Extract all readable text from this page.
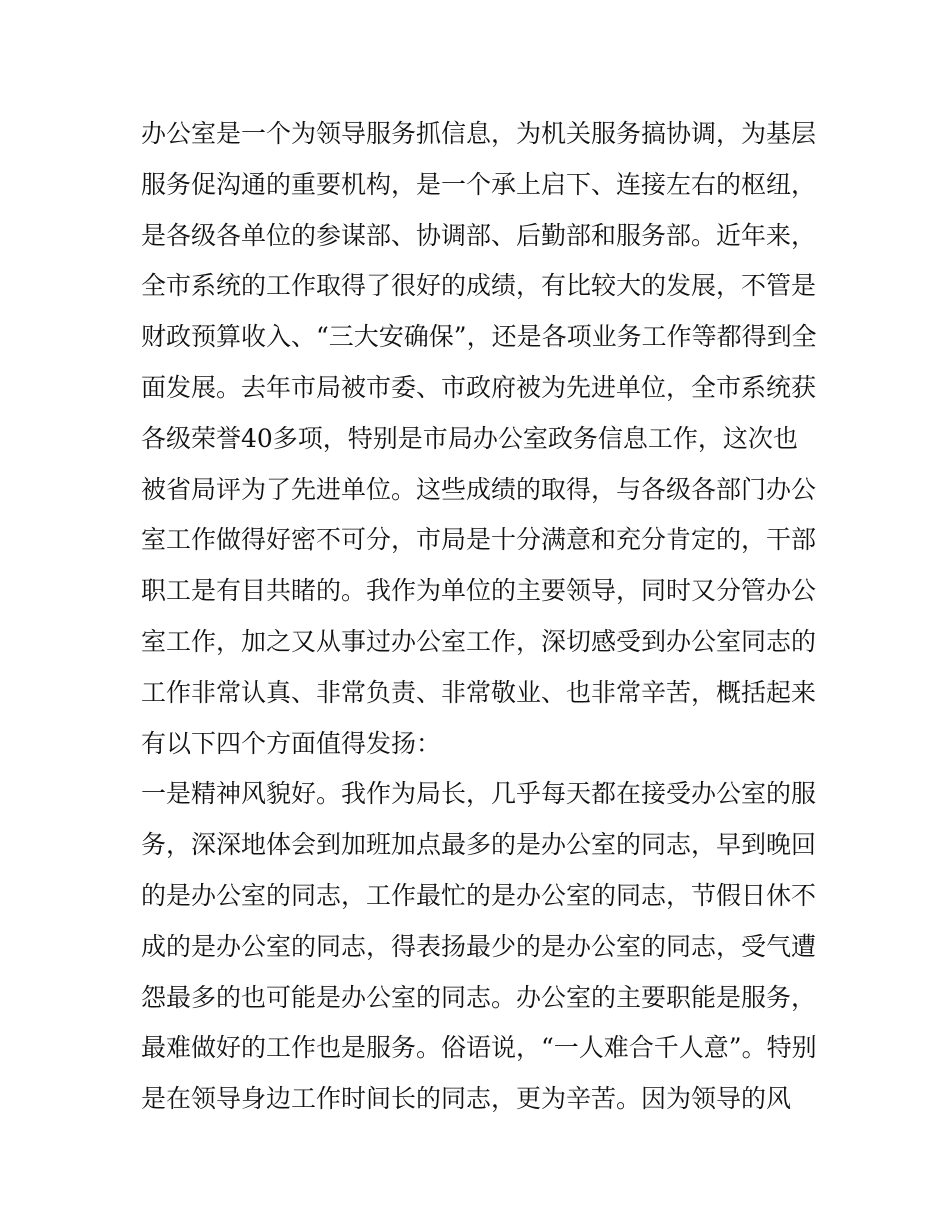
办公室是一个为领导服务抓信息，为机关服务搞协调，为基层
服务促沟通的重要机构，是一个承上启下、连接左右的枢纽，
是各级各单位的参谋部、协调部、后勤部和服务部。近年来，
全市系统的工作取得了很好的成绩，有比较大的发展，不管是
财政预算收入、“三大安确保”，还是各项业务工作等都得到全
面发展。去年市局被市委、市政府被为先进单位，全市系统获
各级荣誉40多项，特别是市局办公室政务信息工作，这次也
被省局评为了先进单位。这些成绩的取得，与各级各部门办公
室工作做得好密不可分，市局是十分满意和充分肯定的，干部
职工是有目共睹的。我作为单位的主要领导，同时又分管办公
室工作，加之又从事过办公室工作，深切感受到办公室同志的
工作非常认真、非常负责、非常敬业、也非常辛苦，概括起来
有以下四个方面值得发扬：
一是精神风貌好。我作为局长，几乎每天都在接受办公室的服
务，深深地体会到加班加点最多的是办公室的同志，早到晚回
的是办公室的同志，工作最忙的是办公室的同志，节假日休不
成的是办公室的同志，得表扬最少的是办公室的同志，受气遭
怨最多的也可能是办公室的同志。办公室的主要职能是服务，
最难做好的工作也是服务。俗语说，“一人难合千人意”。特别
是在领导身边工作时间长的同志，更为辛苦。因为领导的风
